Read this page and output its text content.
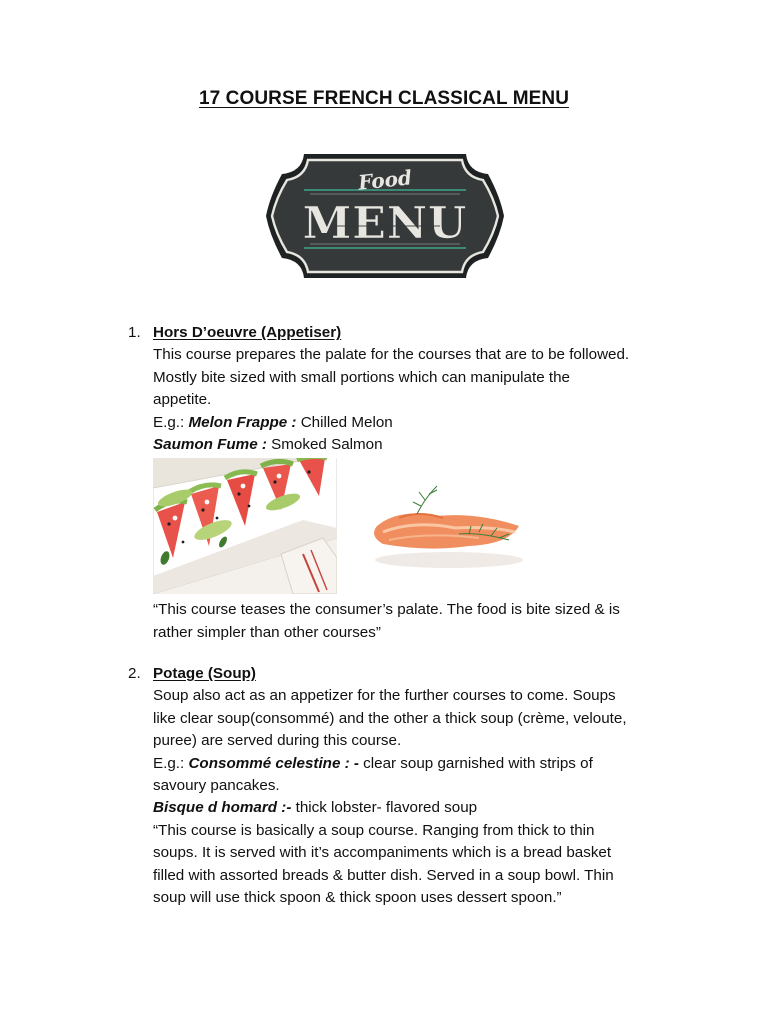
17 COURSE FRENCH CLASSICAL MENU
Food
MENU
1. Hors D’oeuvre (Appetiser)
This course prepares the palate for the courses that are to be followed.
Mostly bite sized with small portions which can manipulate the
appetite.
E.g.: Melon Frappe : Chilled Melon
Saumon Fume : Smoked Salmon
“This course teases the consumer’s palate. The food is bite sized & is
rather simpler than other courses”
2. Potage (Soup)
Soup also act as an appetizer for the further courses to come. Soups
like clear soup(consommé) and the other a thick soup (crème, veloute,
puree) are served during this course.
E.g.: Consommé celestine : - clear soup garnished with strips of
savoury pancakes.
Bisque d homard :- thick lobster- flavored soup
“This course is basically a soup course. Ranging from thick to thin
soups. It is served with it’s accompaniments which is a bread basket
filled with assorted breads & butter dish. Served in a soup bowl. Thin
soup will use thick spoon & thick spoon uses dessert spoon.”
